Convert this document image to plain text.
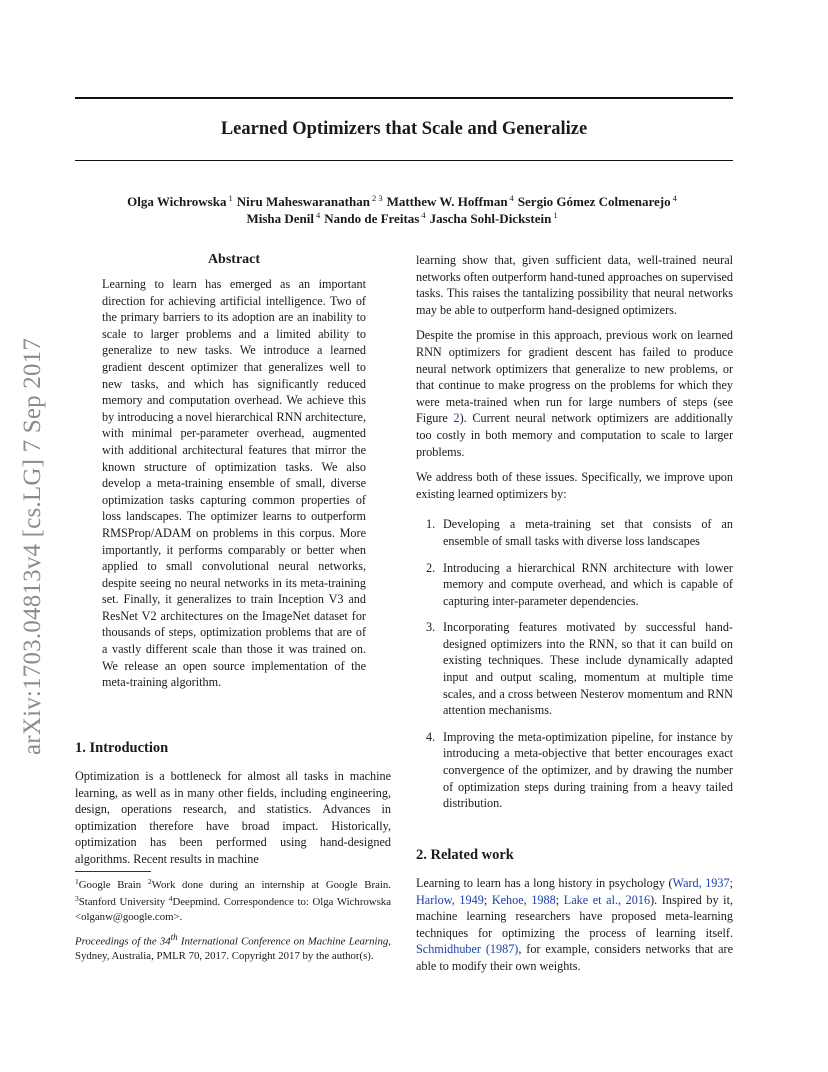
Learned Optimizers that Scale and Generalize
Olga Wichrowska $^1$ Niru Maheswaranathan $^{2 3}$ Matthew W. Hoffman $^4$ Sergio Gómez Colmenarejo $^4$
Misha Denil $^4$ Nando de Freitas $^4$ Jascha Sohl-Dickstein $^1$
arXiv:1703.04813v4 [cs.LG] 7 Sep 2017
Abstract

Learning to learn has emerged as an important direction for achieving artificial intelligence. Two of the primary barriers to its adoption are an inability to scale to larger problems and a limited ability to generalize to new tasks. We introduce a learned gradient descent optimizer that generalizes well to new tasks, and which has significantly reduced memory and computation overhead. We achieve this by introducing a novel hierarchical RNN architecture, with minimal per-parameter overhead, augmented with additional architectural features that mirror the known structure of optimization tasks. We also develop a meta-training ensemble of small, diverse optimization tasks capturing common properties of loss landscapes. The optimizer learns to outperform RMSProp/ADAM on problems in this corpus. More importantly, it performs comparably or better when applied to small convolutional neural networks, despite seeing no neural networks in its meta-training set. Finally, it generalizes to train Inception V3 and ResNet V2 architectures on the ImageNet dataset for thousands of steps, optimization problems that are of a vastly different scale than those it was trained on. We release an open source implementation of the meta-training algorithm.

1. Introduction

Optimization is a bottleneck for almost all tasks in machine learning, as well as in many other fields, including engineering, design, operations research, and statistics. Advances in optimization therefore have broad impact. Historically, optimization has been performed using hand-designed algorithms. Recent results in machine

$^1$Google Brain $^2$Work done during an internship at Google Brain. $^3$Stanford University $^4$Deepmind. Correspondence to: Olga Wichrowska <olganw@google.com>.
Proceedings of the 34th International Conference on Machine Learning, Sydney, Australia, PMLR 70, 2017. Copyright 2017 by the author(s).

learning show that, given sufficient data, well-trained neural networks often outperform hand-tuned approaches on supervised tasks. This raises the tantalizing possibility that neural networks may be able to outperform hand-designed optimizers.

Despite the promise in this approach, previous work on learned RNN optimizers for gradient descent has failed to produce neural network optimizers that generalize to new problems, or that continue to make progress on the problems for which they were meta-trained when run for large numbers of steps (see Figure 2). Current neural network optimizers are additionally too costly in both memory and computation to scale to larger problems.

We address both of these issues. Specifically, we improve upon existing learned optimizers by:

1. Developing a meta-training set that consists of an ensemble of small tasks with diverse loss landscapes
2. Introducing a hierarchical RNN architecture with lower memory and compute overhead, and which is capable of capturing inter-parameter dependencies.
3. Incorporating features motivated by successful hand-designed optimizers into the RNN, so that it can build on existing techniques. These include dynamically adapted input and output scaling, momentum at multiple time scales, and a cross between Nesterov momentum and RNN attention mechanisms.
4. Improving the meta-optimization pipeline, for instance by introducing a meta-objective that better encourages exact convergence of the optimizer, and by drawing the number of optimization steps during training from a heavy tailed distribution.
2. Related work

Learning to learn has a long history in psychology (Ward, 1937; Harlow, 1949; Kehoe, 1988; Lake et al., 2016). Inspired by it, machine learning researchers have proposed meta-learning techniques for optimizing the process of learning itself. Schmidhuber (1987), for example, considers networks that are able to modify their own weights.
